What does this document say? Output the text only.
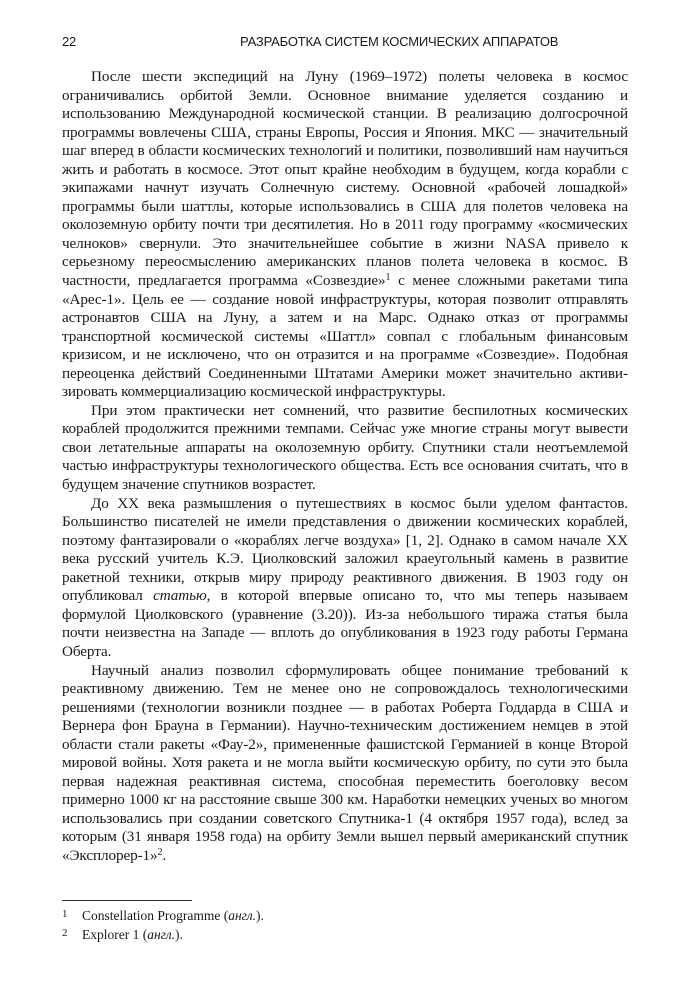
22	РАЗРАБОТКА СИСТЕМ КОСМИЧЕСКИХ АППАРАТОВ

После шести экспедиций на Луну (1969–1972) полеты человека в космос ограничивались орбитой Земли. Основное внимание уделяется созданию и использованию Международной космической станции. В реализацию долгосрочной программы вовлечены США, страны Европы, Россия и Япония. МКС — значительный шаг вперед в области космических технологий и политики, позволивший нам научиться жить и работать в космосе. Этот опыт крайне необходим в будущем, когда корабли с экипажами начнут изучать Солнечную систему. Основной «рабочей лошадкой» программы были шаттлы, которые использовались в США для полетов человека на околоземную орбиту почти три десятилетия. Но в 2011 году программу «космических челноков» свернули. Это значительнейшее событие в жизни NASA привело к серьезному переосмыслению американских планов полета человека в космос. В частности, предлагается программа «Созвездие»$^1$ с менее сложными ракетами типа «Арес-1». Цель ее — создание новой инфраструктуры, которая позволит отправлять астронавтов США на Луну, а затем и на Марс. Однако отказ от программы транспортной космической системы «Шаттл» совпал с глобальным финансовым кризисом, и не исключено, что он отразится и на программе «Созвездие». Подобная переоценка действий Соединенными Штатами Америки может значительно активизировать коммерциализацию космической инфраструктуры.

При этом практически нет сомнений, что развитие беспилотных космических кораблей продолжится прежними темпами. Сейчас уже многие страны могут вывести свои летательные аппараты на околоземную орбиту. Спутники стали неотъемлемой частью инфраструктуры технологического общества. Есть все основания считать, что в будущем значение спутников возрастет.

До XX века размышления о путешествиях в космос были уделом фантастов. Большинство писателей не имели представления о движении космических кораблей, поэтому фантазировали о «кораблях легче воздуха» [1, 2]. Однако в самом начале XX века русский учитель К.Э. Циолковский заложил краеугольный камень в развитие ракетной техники, открыв миру природу реактивного движения. В 1903 году он опубликовал статью, в которой впервые описано то, что мы теперь называем формулой Циолковского (уравнение (3.20)). Из-за небольшого тиража статья была почти неизвестна на Западе — вплоть до опубликования в 1923 году работы Германа Оберта.

Научный анализ позволил сформулировать общее понимание требований к реактивному движению. Тем не менее оно не сопровождалось технологическими решениями (технологии возникли позднее — в работах Роберта Годдарда в США и Вернера фон Брауна в Германии). Научно-техническим достижением немцев в этой области стали ракеты «Фау-2», примененные фашистской Германией в конце Второй мировой войны. Хотя ракета и не могла выйти космическую орбиту, по сути это была первая надежная реактивная система, способная переместить боеголовку весом примерно 1000 кг на расстояние свыше 300 км. Наработки немецких ученых во многом использовались при создании советского Спутника-1 (4 октября 1957 года), вслед за которым (31 января 1958 года) на орбиту Земли вышел первый американский спутник «Эксплорер-1»$^2$.

1 Constellation Programme (англ.).
2 Explorer 1 (англ.).
